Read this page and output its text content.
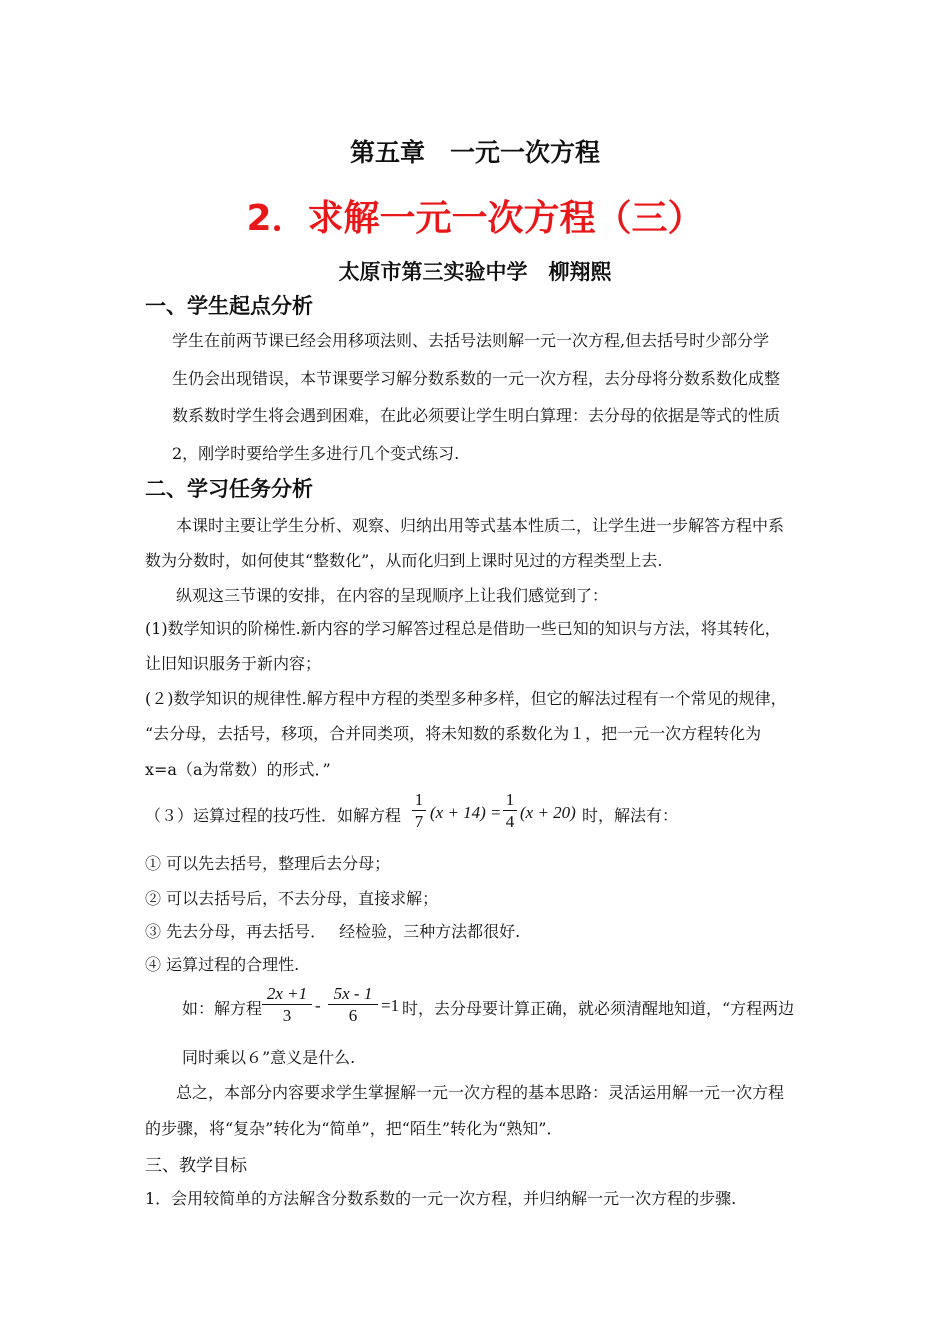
第五章　一元一次方程
2．求解一元一次方程（三）
太原市第三实验中学　柳翔熙
一、学生起点分析
学生在前两节课已经会用移项法则、去括号法则解一元一次方程,但去括号时少部分学
生仍会出现错误，本节课要学习解分数系数的一元一次方程，去分母将分数系数化成整
数系数时学生将会遇到困难，在此必须要让学生明白算理：去分母的依据是等式的性质
2，刚学时要给学生多进行几个变式练习.
二、学习任务分析
本课时主要让学生分析、观察、归纳出用等式基本性质二，让学生进一步解答方程中系
数为分数时，如何使其“整数化”，从而化归到上课时见过的方程类型上去.
纵观这三节课的安排，在内容的呈现顺序上让我们感觉到了：
(1)数学知识的阶梯性.新内容的学习解答过程总是借助一些已知的知识与方法，将其转化，
让旧知识服务于新内容；
(２)数学知识的规律性.解方程中方程的类型多种多样，但它的解法过程有一个常见的规律，
“去分母，去括号，移项，合并同类项，将未知数的系数化为１，把一元一次方程转化为
x=a（a为常数）的形式．”
（３）运算过程的技巧性．如解方程
1
7 (x + 14) =
1
4 (x + 20) 时，解法有：
① 可以先去括号，整理后去分母；
② 可以去括号后，不去分母，直接求解；
③ 先去分母，再去括号．　 经检验，三种方法都很好.
④ 运算过程的合理性.
如：解方程
2x +1
3
-
5x - 1
6
=1 时，去分母要计算正确，就必须清醒地知道，“方程两边
同时乘以６”意义是什么.
总之，本部分内容要求学生掌握解一元一次方程的基本思路：灵活运用解一元一次方程
的步骤，将“复杂”转化为“简单”，把“陌生”转化为“熟知”．
三、教学目标
1．会用较简单的方法解含分数系数的一元一次方程，并归纳解一元一次方程的步骤.
